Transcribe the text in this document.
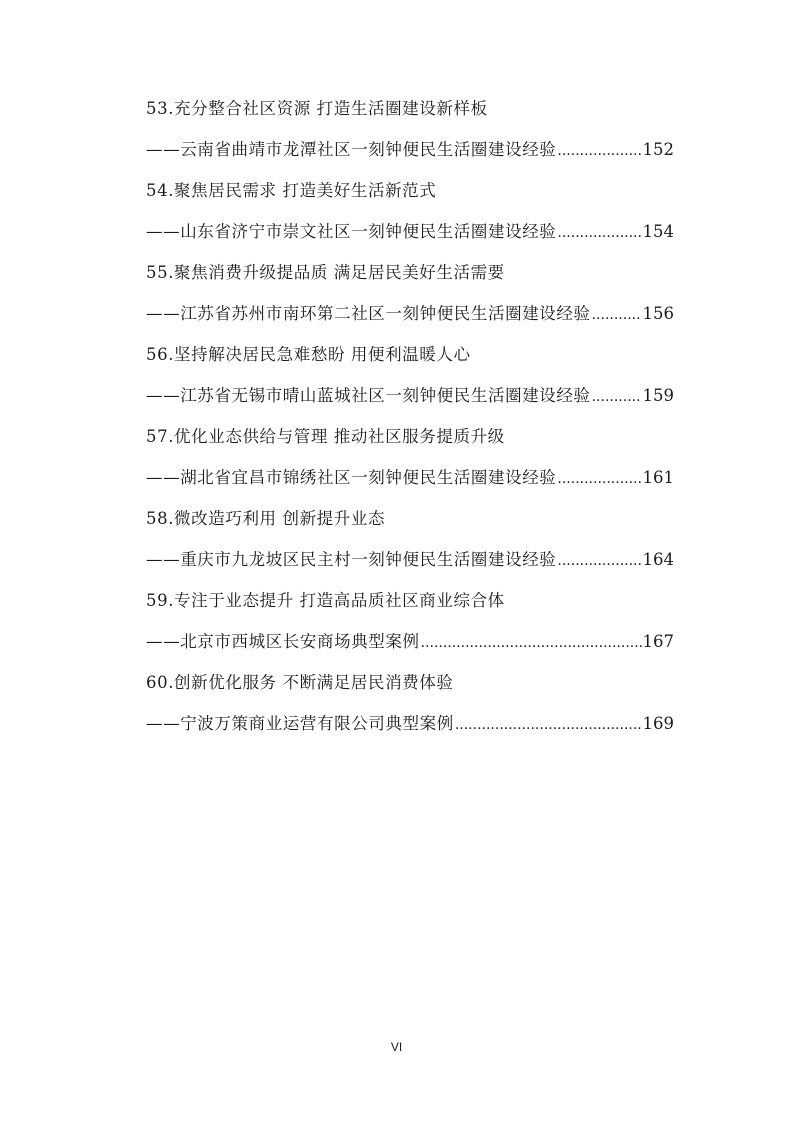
53.充分整合社区资源 打造生活圈建设新样板
——云南省曲靖市龙潭社区一刻钟便民生活圈建设经验 .....	152
54.聚焦居民需求 打造美好生活新范式
——山东省济宁市崇文社区一刻钟便民生活圈建设经验 .....	154
55.聚焦消费升级提品质 满足居民美好生活需要
——江苏省苏州市南环第二社区一刻钟便民生活圈建设经验 .....	156
56.坚持解决居民急难愁盼 用便利温暖人心
——江苏省无锡市晴山蓝城社区一刻钟便民生活圈建设经验 .....	159
57.优化业态供给与管理 推动社区服务提质升级
——湖北省宜昌市锦绣社区一刻钟便民生活圈建设经验 .....	161
58.微改造巧利用 创新提升业态
——重庆市九龙坡区民主村一刻钟便民生活圈建设经验 .....	164
59.专注于业态提升 打造高品质社区商业综合体
——北京市西城区长安商场典型案例 .....	167
60.创新优化服务 不断满足居民消费体验
——宁波万策商业运营有限公司典型案例 .....	169
VI
